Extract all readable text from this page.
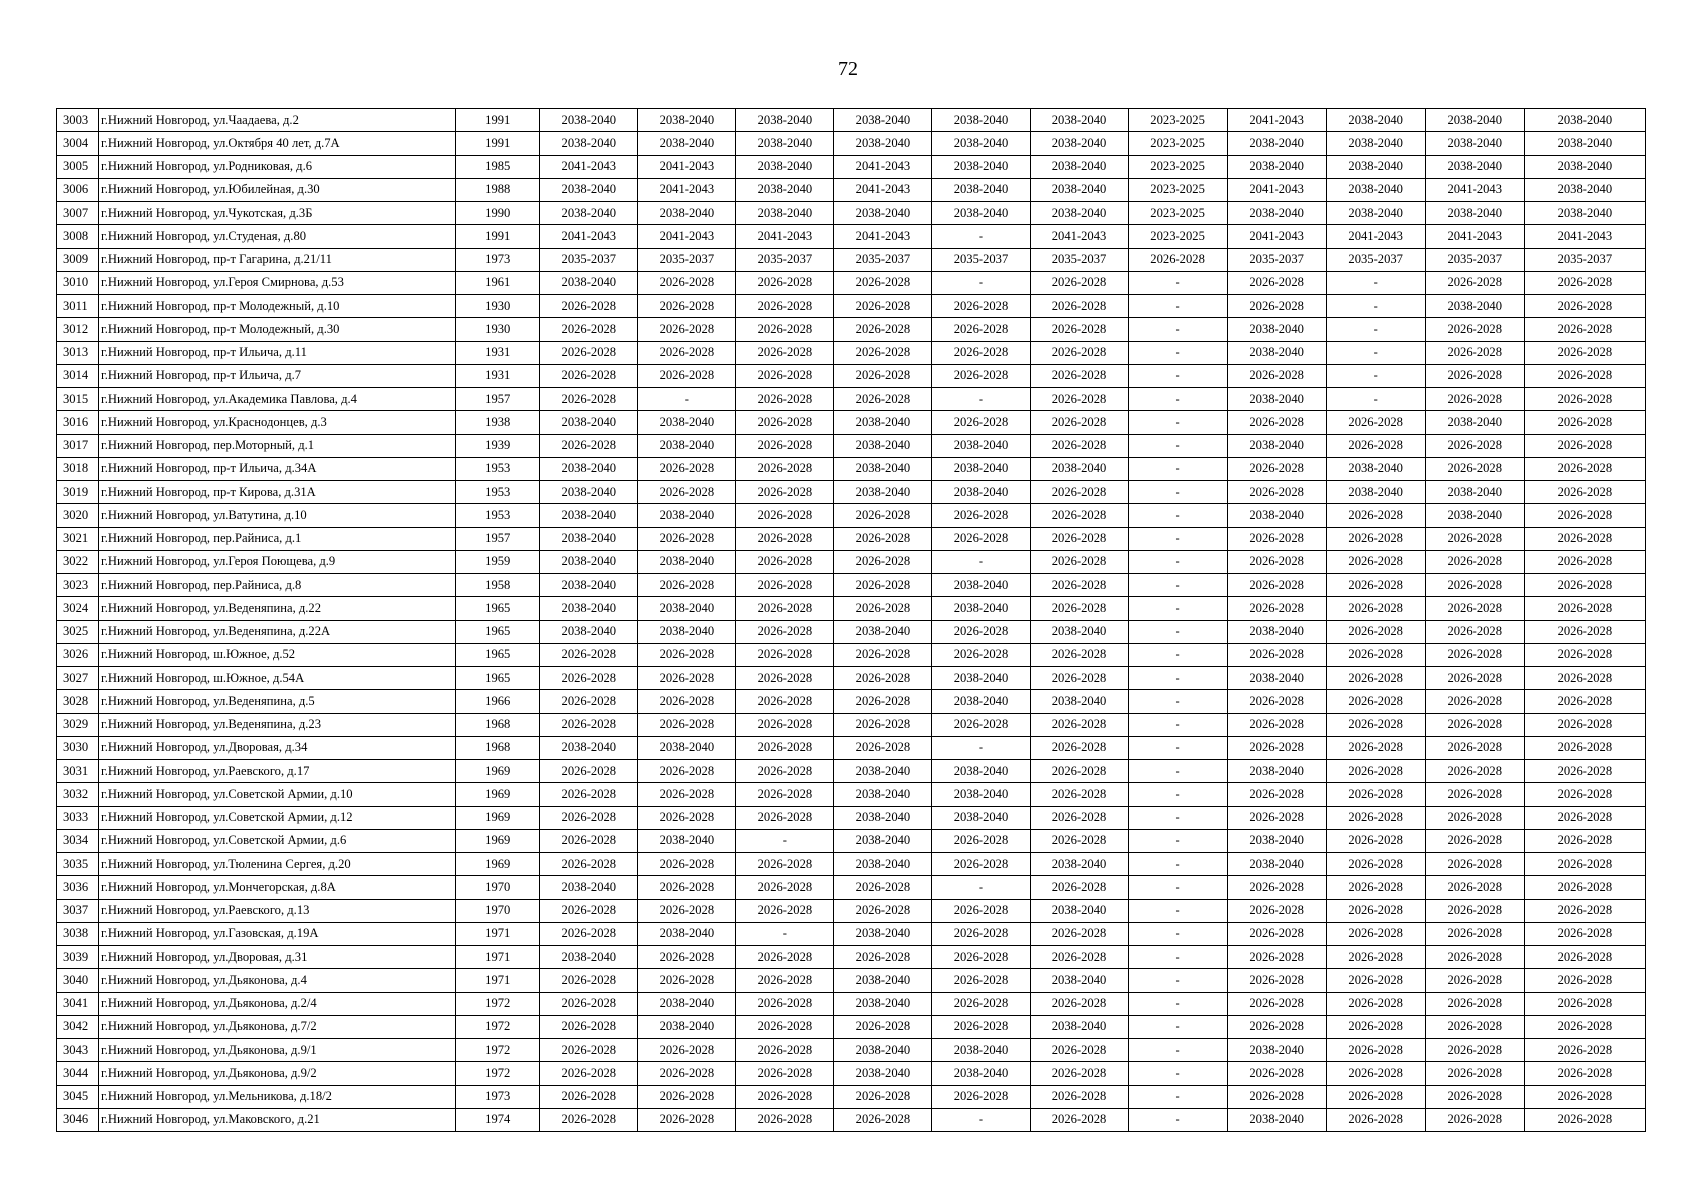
72
3003	г.Нижний Новгород, ул.Чаадаева, д.2	1991	2038-2040	2038-2040	2038-2040	2038-2040	2038-2040	2038-2040	2023-2025	2041-2043	2038-2040	2038-2040	2038-2040
3004	г.Нижний Новгород, ул.Октября 40 лет, д.7А	1991	2038-2040	2038-2040	2038-2040	2038-2040	2038-2040	2038-2040	2023-2025	2038-2040	2038-2040	2038-2040	2038-2040
3005	г.Нижний Новгород, ул.Родниковая, д.6	1985	2041-2043	2041-2043	2038-2040	2041-2043	2038-2040	2038-2040	2023-2025	2038-2040	2038-2040	2038-2040	2038-2040
3006	г.Нижний Новгород, ул.Юбилейная, д.30	1988	2038-2040	2041-2043	2038-2040	2041-2043	2038-2040	2038-2040	2023-2025	2041-2043	2038-2040	2041-2043	2038-2040
3007	г.Нижний Новгород, ул.Чукотская, д.3Б	1990	2038-2040	2038-2040	2038-2040	2038-2040	2038-2040	2038-2040	2023-2025	2038-2040	2038-2040	2038-2040	2038-2040
3008	г.Нижний Новгород, ул.Студеная, д.80	1991	2041-2043	2041-2043	2041-2043	2041-2043	-	2041-2043	2023-2025	2041-2043	2041-2043	2041-2043	2041-2043
3009	г.Нижний Новгород, пр-т Гагарина, д.21/11	1973	2035-2037	2035-2037	2035-2037	2035-2037	2035-2037	2035-2037	2026-2028	2035-2037	2035-2037	2035-2037	2035-2037
3010	г.Нижний Новгород, ул.Героя Смирнова, д.53	1961	2038-2040	2026-2028	2026-2028	2026-2028	-	2026-2028	-	2026-2028	-	2026-2028	2026-2028
3011	г.Нижний Новгород, пр-т Молодежный, д.10	1930	2026-2028	2026-2028	2026-2028	2026-2028	2026-2028	2026-2028	-	2026-2028	-	2038-2040	2026-2028
3012	г.Нижний Новгород, пр-т Молодежный, д.30	1930	2026-2028	2026-2028	2026-2028	2026-2028	2026-2028	2026-2028	-	2038-2040	-	2026-2028	2026-2028
3013	г.Нижний Новгород, пр-т Ильича, д.11	1931	2026-2028	2026-2028	2026-2028	2026-2028	2026-2028	2026-2028	-	2038-2040	-	2026-2028	2026-2028
3014	г.Нижний Новгород, пр-т Ильича, д.7	1931	2026-2028	2026-2028	2026-2028	2026-2028	2026-2028	2026-2028	-	2026-2028	-	2026-2028	2026-2028
3015	г.Нижний Новгород, ул.Академика Павлова, д.4	1957	2026-2028	-	2026-2028	2026-2028	-	2026-2028	-	2038-2040	-	2026-2028	2026-2028
3016	г.Нижний Новгород, ул.Краснодонцев, д.3	1938	2038-2040	2038-2040	2026-2028	2038-2040	2026-2028	2026-2028	-	2026-2028	2026-2028	2038-2040	2026-2028
3017	г.Нижний Новгород, пер.Моторный, д.1	1939	2026-2028	2038-2040	2026-2028	2038-2040	2038-2040	2026-2028	-	2038-2040	2026-2028	2026-2028	2026-2028
3018	г.Нижний Новгород, пр-т Ильича, д.34А	1953	2038-2040	2026-2028	2026-2028	2038-2040	2038-2040	2038-2040	-	2026-2028	2038-2040	2026-2028	2026-2028
3019	г.Нижний Новгород, пр-т Кирова, д.31А	1953	2038-2040	2026-2028	2026-2028	2038-2040	2038-2040	2026-2028	-	2026-2028	2038-2040	2038-2040	2026-2028
3020	г.Нижний Новгород, ул.Ватутина, д.10	1953	2038-2040	2038-2040	2026-2028	2026-2028	2026-2028	2026-2028	-	2038-2040	2026-2028	2038-2040	2026-2028
3021	г.Нижний Новгород, пер.Райниса, д.1	1957	2038-2040	2026-2028	2026-2028	2026-2028	2026-2028	2026-2028	-	2026-2028	2026-2028	2026-2028	2026-2028
3022	г.Нижний Новгород, ул.Героя Поющева, д.9	1959	2038-2040	2038-2040	2026-2028	2026-2028	-	2026-2028	-	2026-2028	2026-2028	2026-2028	2026-2028
3023	г.Нижний Новгород, пер.Райниса, д.8	1958	2038-2040	2026-2028	2026-2028	2026-2028	2038-2040	2026-2028	-	2026-2028	2026-2028	2026-2028	2026-2028
3024	г.Нижний Новгород, ул.Веденяпина, д.22	1965	2038-2040	2038-2040	2026-2028	2026-2028	2038-2040	2026-2028	-	2026-2028	2026-2028	2026-2028	2026-2028
3025	г.Нижний Новгород, ул.Веденяпина, д.22А	1965	2038-2040	2038-2040	2026-2028	2038-2040	2026-2028	2038-2040	-	2038-2040	2026-2028	2026-2028	2026-2028
3026	г.Нижний Новгород, ш.Южное, д.52	1965	2026-2028	2026-2028	2026-2028	2026-2028	2026-2028	2026-2028	-	2026-2028	2026-2028	2026-2028	2026-2028
3027	г.Нижний Новгород, ш.Южное, д.54А	1965	2026-2028	2026-2028	2026-2028	2026-2028	2038-2040	2026-2028	-	2038-2040	2026-2028	2026-2028	2026-2028
3028	г.Нижний Новгород, ул.Веденяпина, д.5	1966	2026-2028	2026-2028	2026-2028	2026-2028	2038-2040	2038-2040	-	2026-2028	2026-2028	2026-2028	2026-2028
3029	г.Нижний Новгород, ул.Веденяпина, д.23	1968	2026-2028	2026-2028	2026-2028	2026-2028	2026-2028	2026-2028	-	2026-2028	2026-2028	2026-2028	2026-2028
3030	г.Нижний Новгород, ул.Дворовая, д.34	1968	2038-2040	2038-2040	2026-2028	2026-2028	-	2026-2028	-	2026-2028	2026-2028	2026-2028	2026-2028
3031	г.Нижний Новгород, ул.Раевского, д.17	1969	2026-2028	2026-2028	2026-2028	2038-2040	2038-2040	2026-2028	-	2038-2040	2026-2028	2026-2028	2026-2028
3032	г.Нижний Новгород, ул.Советской Армии, д.10	1969	2026-2028	2026-2028	2026-2028	2038-2040	2038-2040	2026-2028	-	2026-2028	2026-2028	2026-2028	2026-2028
3033	г.Нижний Новгород, ул.Советской Армии, д.12	1969	2026-2028	2026-2028	2026-2028	2038-2040	2038-2040	2026-2028	-	2026-2028	2026-2028	2026-2028	2026-2028
3034	г.Нижний Новгород, ул.Советской Армии, д.6	1969	2026-2028	2038-2040	-	2038-2040	2026-2028	2026-2028	-	2038-2040	2026-2028	2026-2028	2026-2028
3035	г.Нижний Новгород, ул.Тюленина Сергея, д.20	1969	2026-2028	2026-2028	2026-2028	2038-2040	2026-2028	2038-2040	-	2038-2040	2026-2028	2026-2028	2026-2028
3036	г.Нижний Новгород, ул.Мончегорская, д.8А	1970	2038-2040	2026-2028	2026-2028	2026-2028	-	2026-2028	-	2026-2028	2026-2028	2026-2028	2026-2028
3037	г.Нижний Новгород, ул.Раевского, д.13	1970	2026-2028	2026-2028	2026-2028	2026-2028	2026-2028	2038-2040	-	2026-2028	2026-2028	2026-2028	2026-2028
3038	г.Нижний Новгород, ул.Газовская, д.19А	1971	2026-2028	2038-2040	-	2038-2040	2026-2028	2026-2028	-	2026-2028	2026-2028	2026-2028	2026-2028
3039	г.Нижний Новгород, ул.Дворовая, д.31	1971	2038-2040	2026-2028	2026-2028	2026-2028	2026-2028	2026-2028	-	2026-2028	2026-2028	2026-2028	2026-2028
3040	г.Нижний Новгород, ул.Дьяконова, д.4	1971	2026-2028	2026-2028	2026-2028	2038-2040	2026-2028	2038-2040	-	2026-2028	2026-2028	2026-2028	2026-2028
3041	г.Нижний Новгород, ул.Дьяконова, д.2/4	1972	2026-2028	2038-2040	2026-2028	2038-2040	2026-2028	2026-2028	-	2026-2028	2026-2028	2026-2028	2026-2028
3042	г.Нижний Новгород, ул.Дьяконова, д.7/2	1972	2026-2028	2038-2040	2026-2028	2026-2028	2026-2028	2038-2040	-	2026-2028	2026-2028	2026-2028	2026-2028
3043	г.Нижний Новгород, ул.Дьяконова, д.9/1	1972	2026-2028	2026-2028	2026-2028	2038-2040	2038-2040	2026-2028	-	2038-2040	2026-2028	2026-2028	2026-2028
3044	г.Нижний Новгород, ул.Дьяконова, д.9/2	1972	2026-2028	2026-2028	2026-2028	2038-2040	2038-2040	2026-2028	-	2026-2028	2026-2028	2026-2028	2026-2028
3045	г.Нижний Новгород, ул.Мельникова, д.18/2	1973	2026-2028	2026-2028	2026-2028	2026-2028	2026-2028	2026-2028	-	2026-2028	2026-2028	2026-2028	2026-2028
3046	г.Нижний Новгород, ул.Маковского, д.21	1974	2026-2028	2026-2028	2026-2028	2026-2028	-	2026-2028	-	2038-2040	2026-2028	2026-2028	2026-2028
